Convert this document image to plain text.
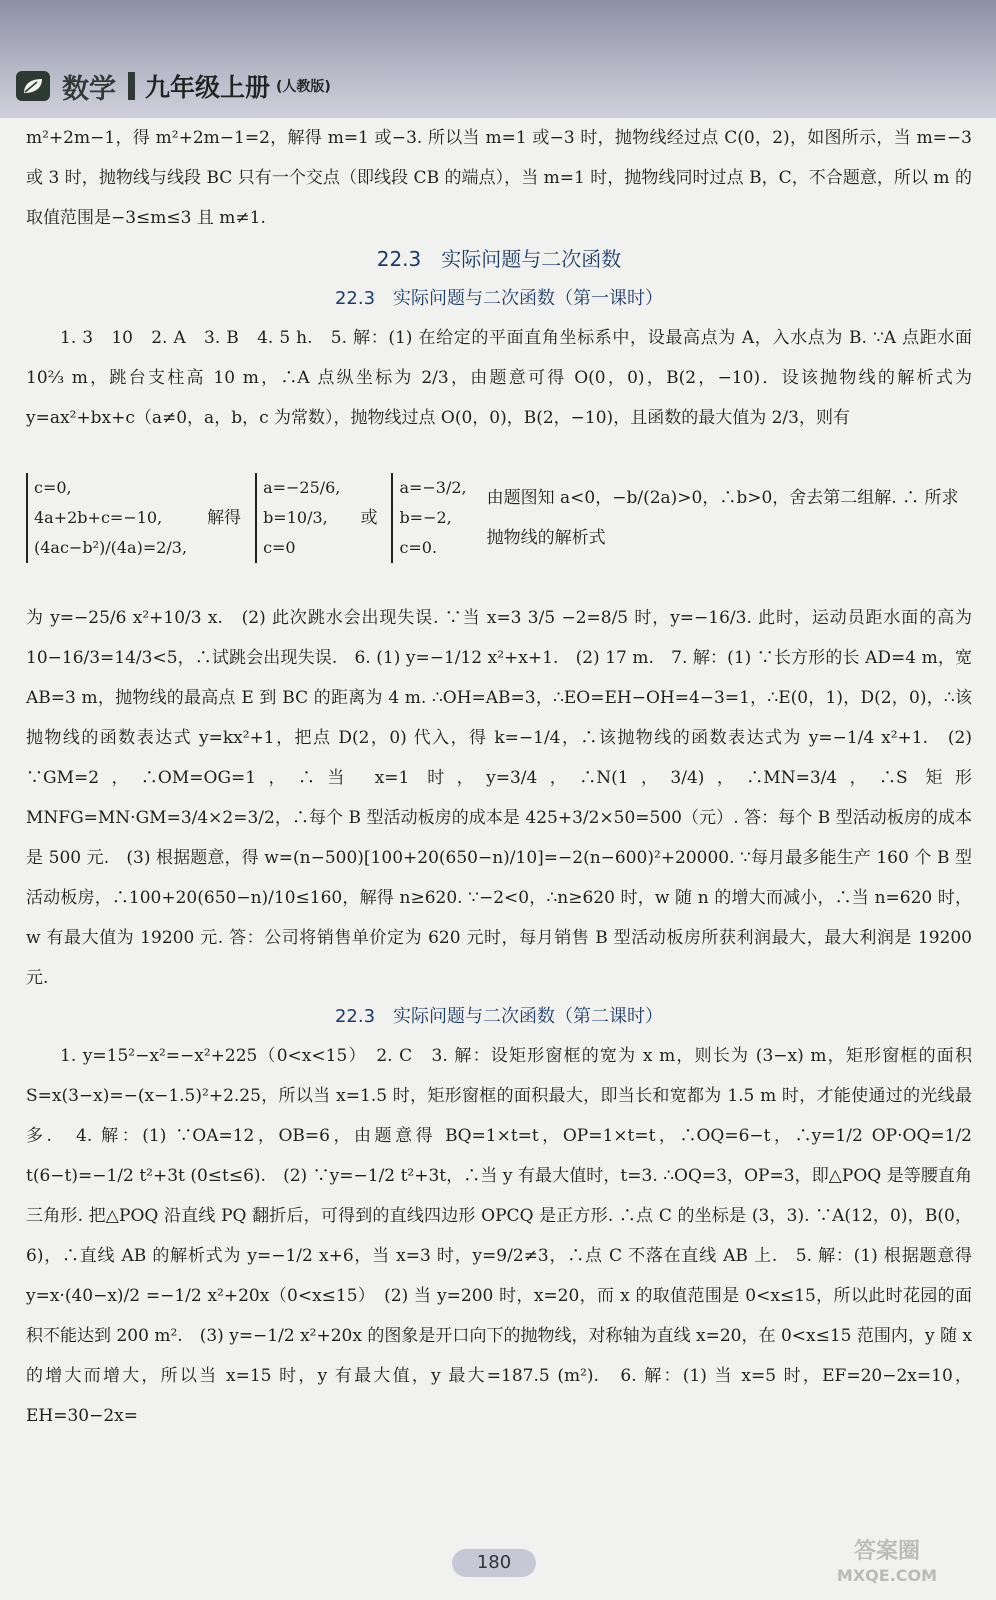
数学 九年级上册 (人教版)

m²+2m−1，得 m²+2m−1=2，解得 m=1 或−3. 所以当 m=1 或−3 时，抛物线经过点 C(0，2)，如图所示，当 m=−3 或 3 时，抛物线与线段 BC 只有一个交点（即线段 CB 的端点），当 m=1 时，抛物线同时过点 B，C，不合题意，所以 m 的取值范围是−3≤m≤3 且 m≠1.

22.3　实际问题与二次函数
22.3　实际问题与二次函数（第一课时）

1. 3　10　2. A　3. B　4. 5 h.　5. 解：(1) 在给定的平面直角坐标系中，设最高点为 A，入水点为 B. ∵A 点距水面 10⅔ m，跳台支柱高 10 m，∴A 点纵坐标为 2/3，由题意可得 O(0，0)，B(2，−10)．设该抛物线的解析式为 y=ax²+bx+c（a≠0，a，b，c 为常数），抛物线过点 O(0，0)，B(2，−10)，且函数的最大值为 2/3，则有

c=0,
4a+2b+c=−10,
(4ac−b²)/(4a)=2/3,
解得
a=−25/6,
b=10/3,
c=0
或
a=−3/2,
b=−2,
c=0.
由题图知 a<0，−b/(2a)>0，∴b>0，舍去第二组解. ∴ 所求抛物线的解析式

为 y=−25/6 x²+10/3 x.　(2) 此次跳水会出现失误. ∵当 x=3 3/5 −2=8/5 时，y=−16/3. 此时，运动员距水面的高为 10−16/3=14/3<5，∴试跳会出现失误.　6. (1) y=−1/12 x²+x+1.　(2) 17 m.　7. 解：(1) ∵长方形的长 AD=4 m，宽 AB=3 m，抛物线的最高点 E 到 BC 的距离为 4 m. ∴OH=AB=3，∴EO=EH−OH=4−3=1，∴E(0，1)，D(2，0)，∴该抛物线的函数表达式 y=kx²+1，把点 D(2，0) 代入，得 k=−1/4，∴该抛物线的函数表达式为 y=−1/4 x²+1.　(2) ∵GM=2，∴OM=OG=1，∴当 x=1 时，y=3/4，∴N(1，3/4)，∴MN=3/4，∴S 矩形 MNFG=MN·GM=3/4×2=3/2，∴每个 B 型活动板房的成本是 425+3/2×50=500（元）. 答：每个 B 型活动板房的成本是 500 元.　(3) 根据题意，得 w=(n−500)[100+20(650−n)/10]=−2(n−600)²+20000. ∵每月最多能生产 160 个 B 型活动板房，∴100+20(650−n)/10≤160，解得 n≥620. ∵−2<0，∴n≥620 时，w 随 n 的增大而减小，∴当 n=620 时，w 有最大值为 19200 元. 答：公司将销售单价定为 620 元时，每月销售 B 型活动板房所获利润最大，最大利润是 19200 元.

22.3　实际问题与二次函数（第二课时）

1. y=15²−x²=−x²+225（0<x<15）　2. C　3. 解：设矩形窗框的宽为 x m，则长为 (3−x) m，矩形窗框的面积 S=x(3−x)=−(x−1.5)²+2.25，所以当 x=1.5 时，矩形窗框的面积最大，即当长和宽都为 1.5 m 时，才能使通过的光线最多.　4. 解：(1) ∵OA=12，OB=6，由题意得 BQ=1×t=t，OP=1×t=t，∴OQ=6−t，∴y=1/2 OP·OQ=1/2 t(6−t)=−1/2 t²+3t (0≤t≤6).　(2) ∵y=−1/2 t²+3t，∴当 y 有最大值时，t=3. ∴OQ=3，OP=3，即△POQ 是等腰直角三角形. 把△POQ 沿直线 PQ 翻折后，可得到的直线四边形 OPCQ 是正方形. ∴点 C 的坐标是 (3，3). ∵A(12，0)，B(0，6)，∴直线 AB 的解析式为 y=−1/2 x+6，当 x=3 时，y=9/2≠3，∴点 C 不落在直线 AB 上.　5. 解：(1) 根据题意得 y=x·(40−x)/2 =−1/2 x²+20x（0<x≤15）　(2) 当 y=200 时，x=20，而 x 的取值范围是 0<x≤15，所以此时花园的面积不能达到 200 m².　(3) y=−1/2 x²+20x 的图象是开口向下的抛物线，对称轴为直线 x=20，在 0<x≤15 范围内，y 随 x 的增大而增大，所以当 x=15 时，y 有最大值，y 最大=187.5 (m²).　6. 解：(1) 当 x=5 时，EF=20−2x=10，EH=30−2x=

180	答案圈
MXQE.COM
